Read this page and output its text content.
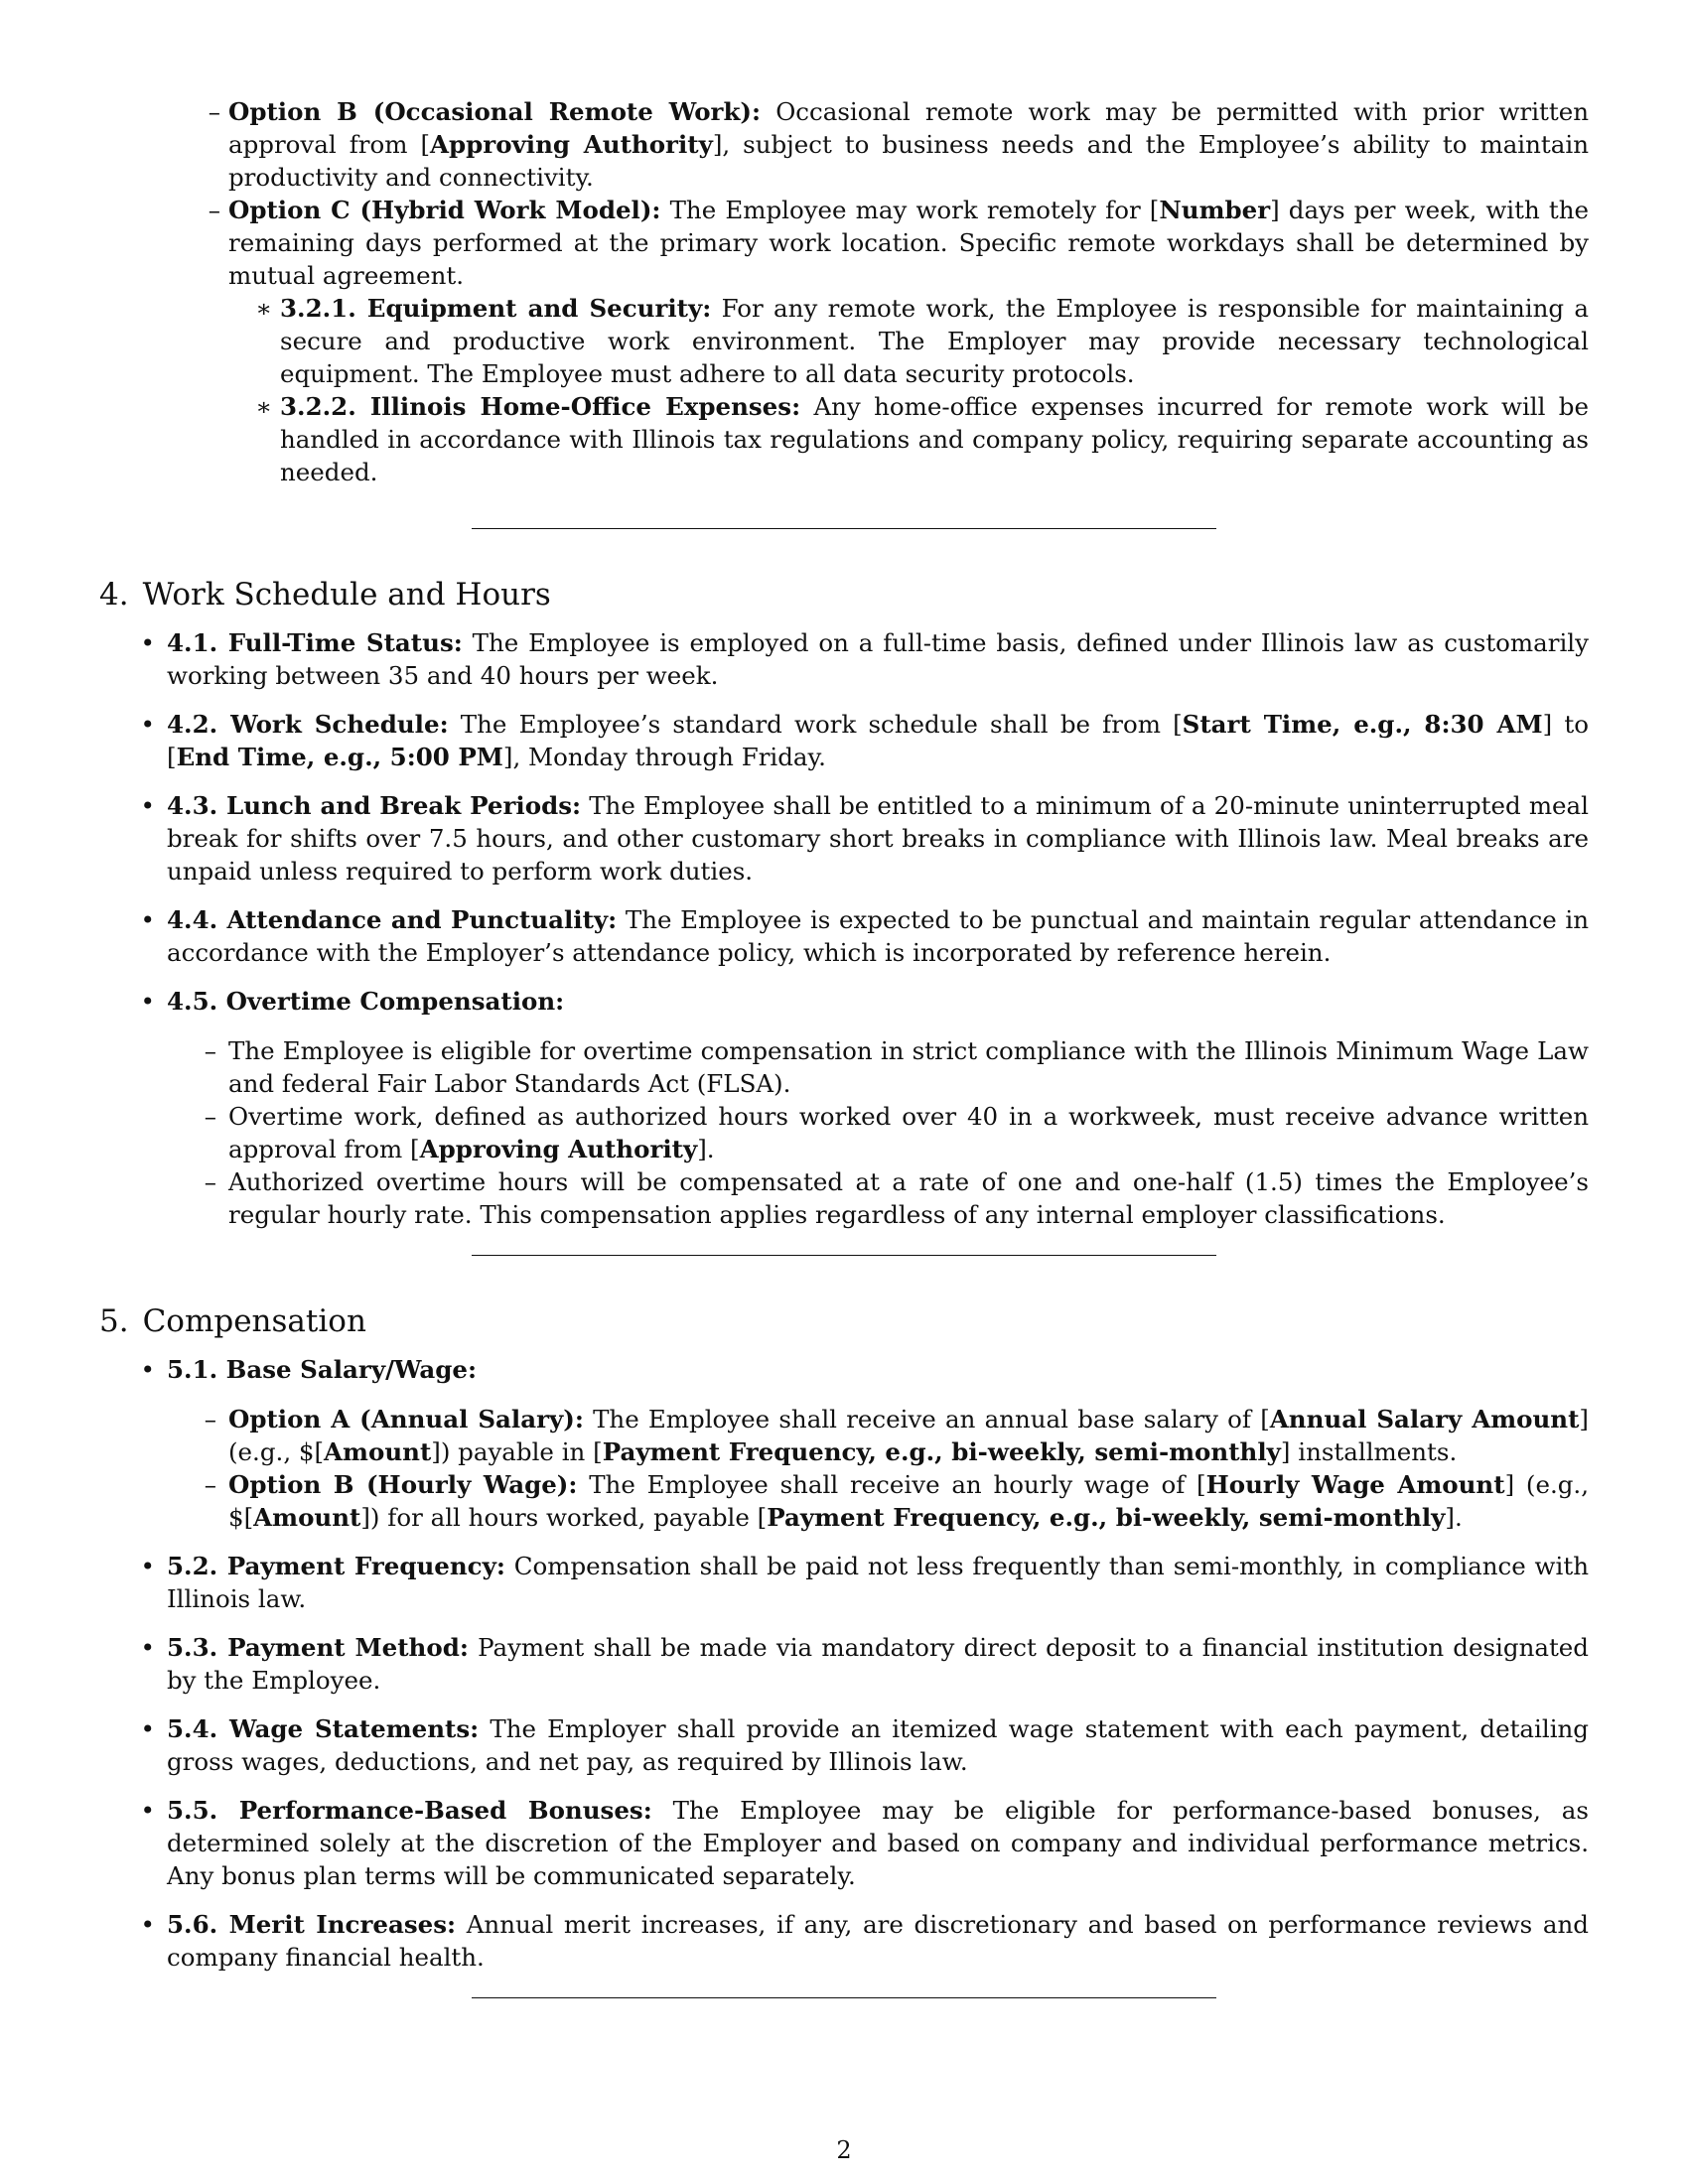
– Option B (Occasional Remote Work): Occasional remote work may be permitted with prior written approval from [Approving Authority], subject to business needs and the Employee’s ability to maintain productivity and connectivity.
– Option C (Hybrid Work Model): The Employee may work remotely for [Number] days per week, with the remaining days performed at the primary work location. Specific remote workdays shall be determined by mutual agreement.
∗ 3.2.1. Equipment and Security: For any remote work, the Employee is responsible for maintaining a secure and productive work environment. The Employer may provide necessary technological equipment. The Employee must adhere to all data security protocols.
∗ 3.2.2. Illinois Home-Office Expenses: Any home-office expenses incurred for remote work will be handled in accordance with Illinois tax regulations and company policy, requiring separate accounting as needed.
4. Work Schedule and Hours
• 4.1. Full-Time Status: The Employee is employed on a full-time basis, defined under Illinois law as customarily working between 35 and 40 hours per week.
• 4.2. Work Schedule: The Employee’s standard work schedule shall be from [Start Time, e.g., 8:30 AM] to [End Time, e.g., 5:00 PM], Monday through Friday.
• 4.3. Lunch and Break Periods: The Employee shall be entitled to a minimum of a 20-minute uninterrupted meal break for shifts over 7.5 hours, and other customary short breaks in compliance with Illinois law. Meal breaks are unpaid unless required to perform work duties.
• 4.4. Attendance and Punctuality: The Employee is expected to be punctual and maintain regular attendance in accordance with the Employer’s attendance policy, which is incorporated by reference herein.
• 4.5. Overtime Compensation:
– The Employee is eligible for overtime compensation in strict compliance with the Illinois Minimum Wage Law and federal Fair Labor Standards Act (FLSA).
– Overtime work, defined as authorized hours worked over 40 in a workweek, must receive advance written approval from [Approving Authority].
– Authorized overtime hours will be compensated at a rate of one and one-half (1.5) times the Employee’s regular hourly rate. This compensation applies regardless of any internal employer classifications.
5. Compensation
• 5.1. Base Salary/Wage:
– Option A (Annual Salary): The Employee shall receive an annual base salary of [Annual Salary Amount] (e.g., $[Amount]) payable in [Payment Frequency, e.g., bi-weekly, semi-monthly] installments.
– Option B (Hourly Wage): The Employee shall receive an hourly wage of [Hourly Wage Amount] (e.g., $[Amount]) for all hours worked, payable [Payment Frequency, e.g., bi-weekly, semi-monthly].
• 5.2. Payment Frequency: Compensation shall be paid not less frequently than semi-monthly, in compliance with Illinois law.
• 5.3. Payment Method: Payment shall be made via mandatory direct deposit to a financial institution designated by the Employee.
• 5.4. Wage Statements: The Employer shall provide an itemized wage statement with each payment, detailing gross wages, deductions, and net pay, as required by Illinois law.
• 5.5. Performance-Based Bonuses: The Employee may be eligible for performance-based bonuses, as determined solely at the discretion of the Employer and based on company and individual performance metrics. Any bonus plan terms will be communicated separately.
• 5.6. Merit Increases: Annual merit increases, if any, are discretionary and based on performance reviews and company financial health.
2
